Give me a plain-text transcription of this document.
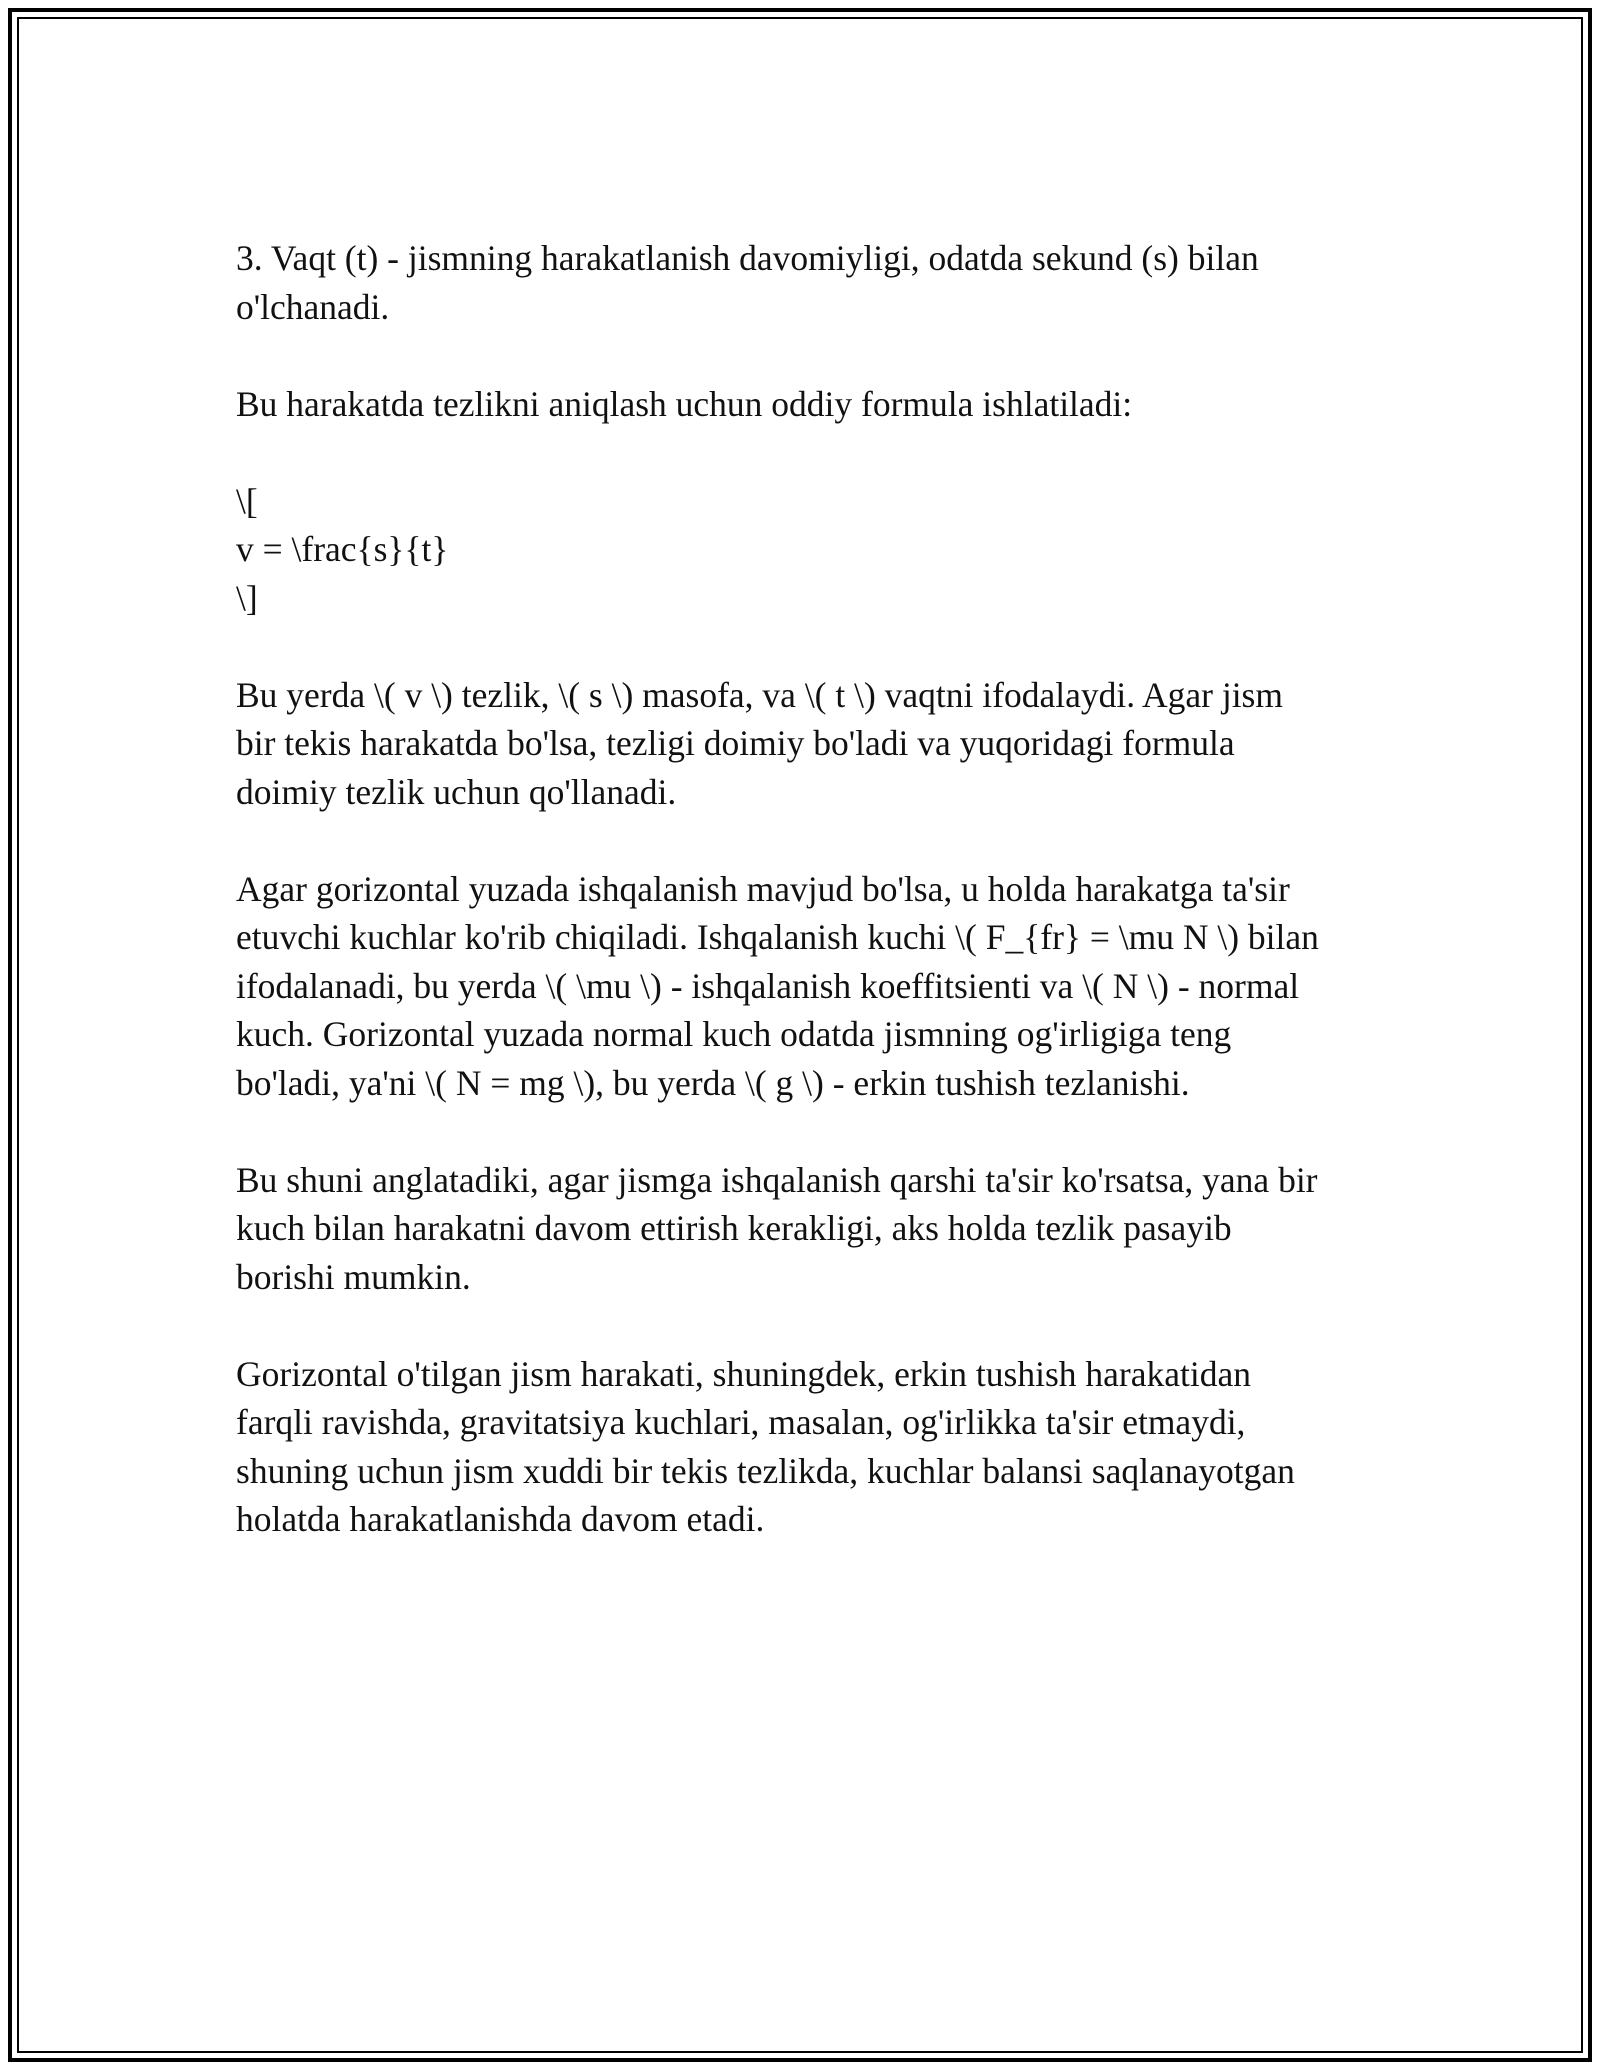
3. Vaqt (t) - jismning harakatlanish davomiyligi, odatda sekund (s) bilan
o'lchanadi.

Bu harakatda tezlikni aniqlash uchun oddiy formula ishlatiladi:

\[
v = \frac{s}{t}
\]

Bu yerda \( v \) tezlik, \( s \) masofa, va \( t \) vaqtni ifodalaydi. Agar jism
bir tekis harakatda bo'lsa, tezligi doimiy bo'ladi va yuqoridagi formula
doimiy tezlik uchun qo'llanadi.

Agar gorizontal yuzada ishqalanish mavjud bo'lsa, u holda harakatga ta'sir
etuvchi kuchlar ko'rib chiqiladi. Ishqalanish kuchi \( F_{fr} = \mu N \) bilan
ifodalanadi, bu yerda \( \mu \) - ishqalanish koeffitsienti va \( N \) - normal
kuch. Gorizontal yuzada normal kuch odatda jismning og'irligiga teng
bo'ladi, ya'ni \( N = mg \), bu yerda \( g \) - erkin tushish tezlanishi.

Bu shuni anglatadiki, agar jismga ishqalanish qarshi ta'sir ko'rsatsa, yana bir
kuch bilan harakatni davom ettirish kerakligi, aks holda tezlik pasayib
borishi mumkin.

Gorizontal o'tilgan jism harakati, shuningdek, erkin tushish harakatidan
farqli ravishda, gravitatsiya kuchlari, masalan, og'irlikka ta'sir etmaydi,
shuning uchun jism xuddi bir tekis tezlikda, kuchlar balansi saqlanayotgan
holatda harakatlanishda davom etadi.
